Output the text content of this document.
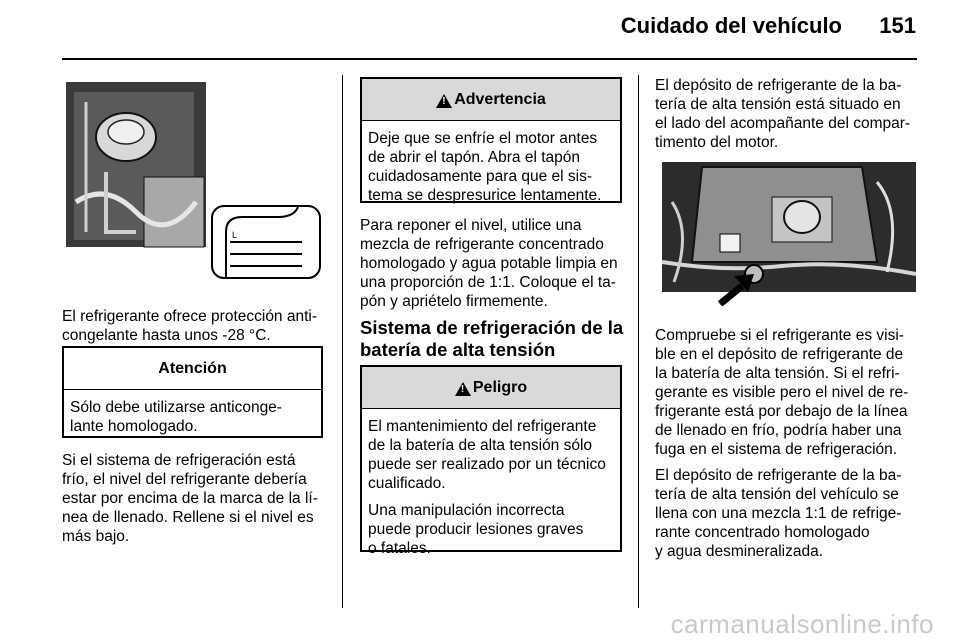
Cuidado del vehículo 151
L

El refrigerante ofrece protección anti-
congelante hasta unos -28 °C.

Atención

Sólo debe utilizarse anticonge-
lante homologado.

Si el sistema de refrigeración está
frío, el nivel del refrigerante debería
estar por encima de la marca de la lí-
nea de llenado. Rellene si el nivel es
más bajo.

!
Advertencia

Deje que se enfríe el motor antes
de abrir el tapón. Abra el tapón
cuidadosamente para que el sis-
tema se despresurice lentamente.

Para reponer el nivel, utilice una
mezcla de refrigerante concentrado
homologado y agua potable limpia en
una proporción de 1:1. Coloque el ta-
pón y apriételo firmemente.

Sistema de refrigeración de la
batería de alta tensión
!
Peligro

El mantenimiento del refrigerante
de la batería de alta tensión sólo
puede ser realizado por un técnico
cualificado.

Una manipulación incorrecta
puede producir lesiones graves
o fatales.

El depósito de refrigerante de la ba-
tería de alta tensión está situado en
el lado del acompañante del compar-
timento del motor.

Compruebe si el refrigerante es visi-
ble en el depósito de refrigerante de
la batería de alta tensión. Si el refri-
gerante es visible pero el nivel de re-
frigerante está por debajo de la línea
de llenado en frío, podría haber una
fuga en el sistema de refrigeración.

El depósito de refrigerante de la ba-
tería de alta tensión del vehículo se
llena con una mezcla 1:1 de refrige-
rante concentrado homologado
y agua desmineralizada.

carmanualsonline.info
